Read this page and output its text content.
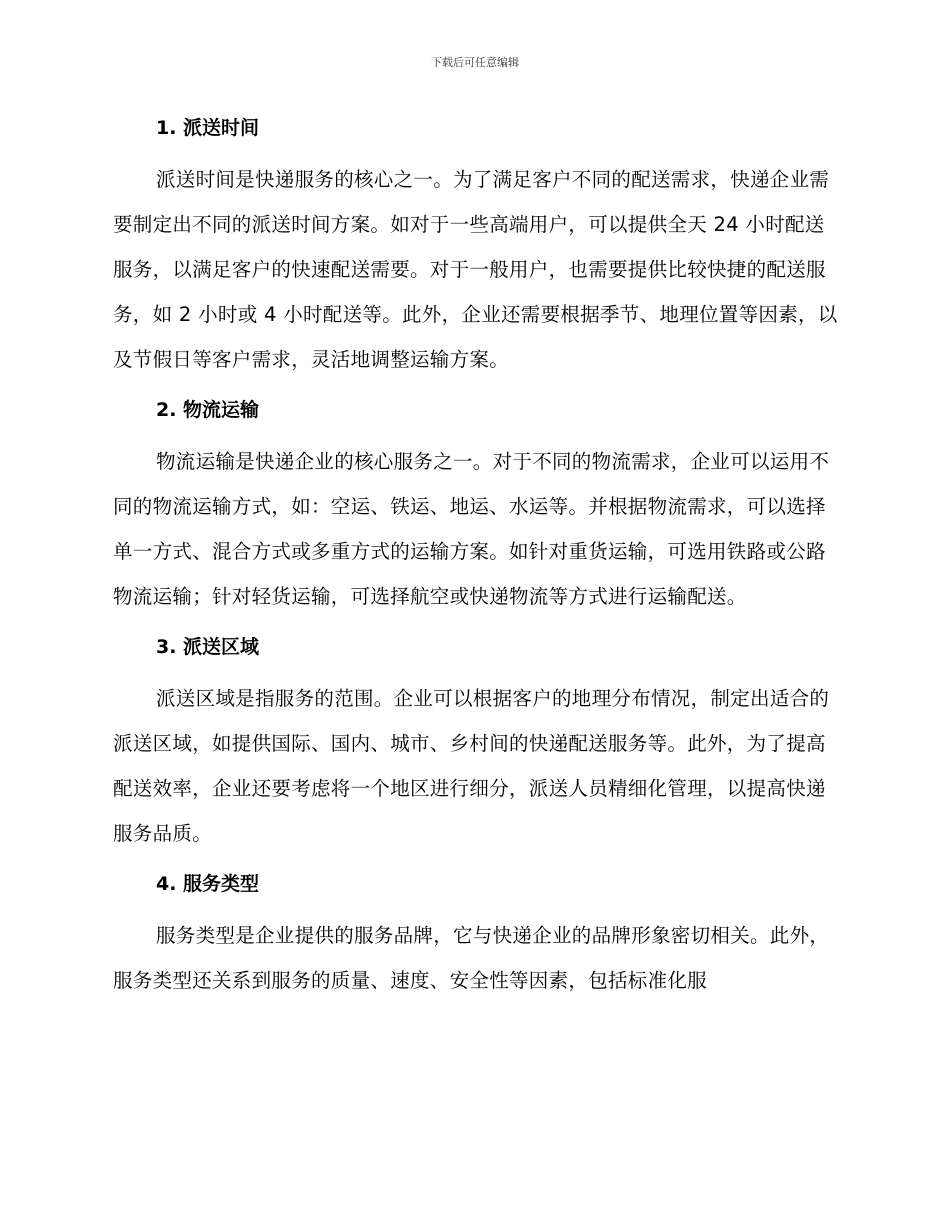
下载后可任意编辑
1. 派送时间

派送时间是快递服务的核心之一。为了满足客户不同的配送需求，快递企业需要制定出不同的派送时间方案。如对于一些高端用户，可以提供全天 24 小时配送服务，以满足客户的快速配送需要。对于一般用户，也需要提供比较快捷的配送服务，如 2 小时或 4 小时配送等。此外，企业还需要根据季节、地理位置等因素，以及节假日等客户需求，灵活地调整运输方案。

2. 物流运输

物流运输是快递企业的核心服务之一。对于不同的物流需求，企业可以运用不同的物流运输方式，如：空运、铁运、地运、水运等。并根据物流需求，可以选择单一方式、混合方式或多重方式的运输方案。如针对重货运输，可选用铁路或公路物流运输；针对轻货运输，可选择航空或快递物流等方式进行运输配送。

3. 派送区域

派送区域是指服务的范围。企业可以根据客户的地理分布情况，制定出适合的派送区域，如提供国际、国内、城市、乡村间的快递配送服务等。此外，为了提高配送效率，企业还要考虑将一个地区进行细分，派送人员精细化管理，以提高快递服务品质。

4. 服务类型

服务类型是企业提供的服务品牌，它与快递企业的品牌形象密切相关。此外，服务类型还关系到服务的质量、速度、安全性等因素，包括标准化服
